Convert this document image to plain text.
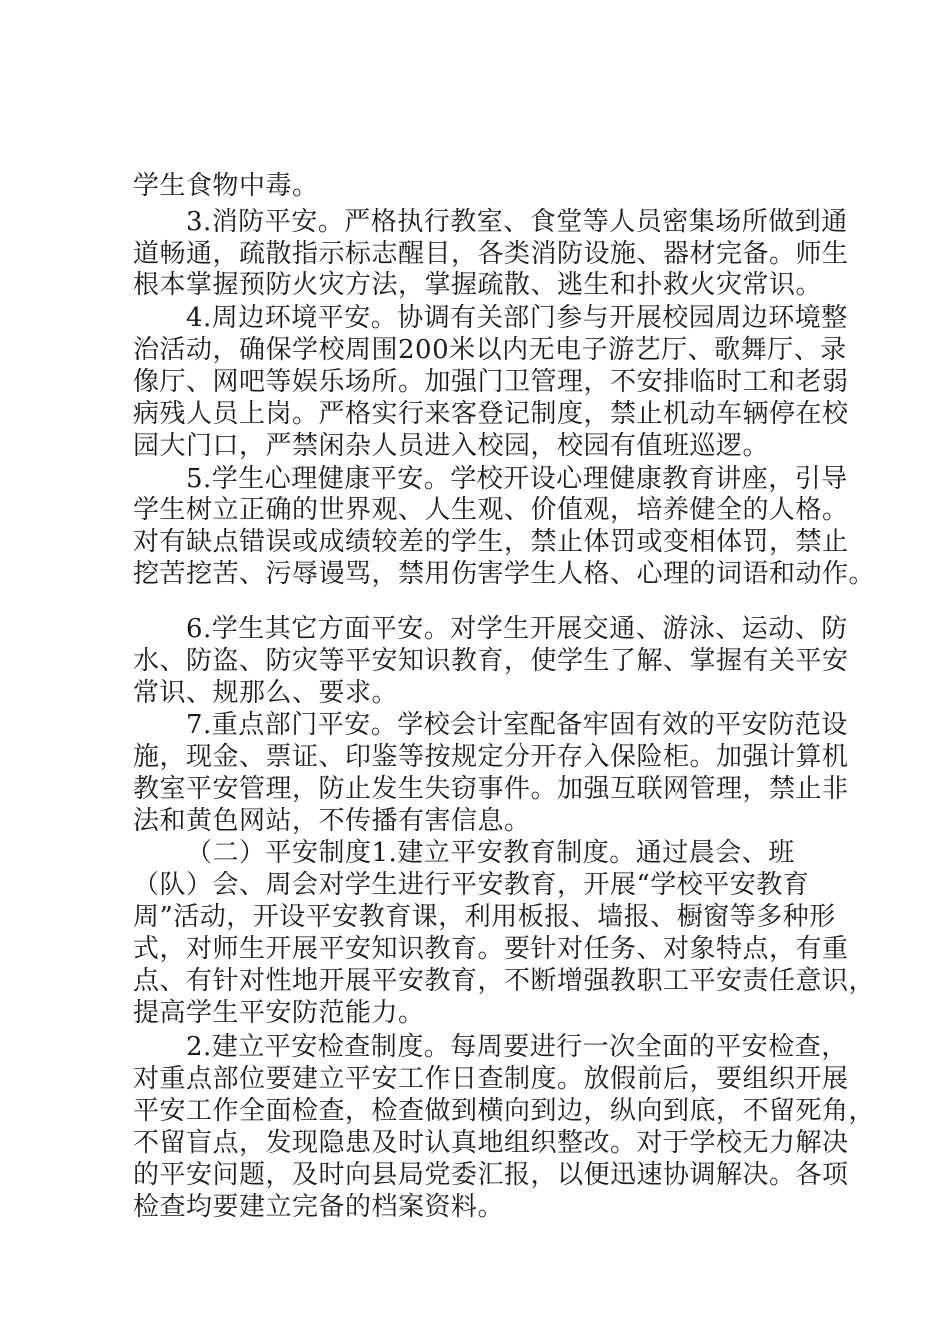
学生食物中毒。
3.消防平安。严格执行教室、食堂等人员密集场所做到通
道畅通，疏散指示标志醒目，各类消防设施、器材完备。师生
根本掌握预防火灾方法，掌握疏散、逃生和扑救火灾常识。
4.周边环境平安。协调有关部门参与开展校园周边环境整
治活动，确保学校周围200米以内无电子游艺厅、歌舞厅、录
像厅、网吧等娱乐场所。加强门卫管理，不安排临时工和老弱
病残人员上岗。严格实行来客登记制度，禁止机动车辆停在校
园大门口，严禁闲杂人员进入校园，校园有值班巡逻。
5.学生心理健康平安。学校开设心理健康教育讲座，引导
学生树立正确的世界观、人生观、价值观，培养健全的人格。
对有缺点错误或成绩较差的学生，禁止体罚或变相体罚，禁止
挖苦挖苦、污辱谩骂，禁用伤害学生人格、心理的词语和动作。
6.学生其它方面平安。对学生开展交通、游泳、运动、防
水、防盗、防灾等平安知识教育，使学生了解、掌握有关平安
常识、规那么、要求。
7.重点部门平安。学校会计室配备牢固有效的平安防范设
施，现金、票证、印鉴等按规定分开存入保险柜。加强计算机
教室平安管理，防止发生失窃事件。加强互联网管理，禁止非
法和黄色网站，不传播有害信息。
（二）平安制度1.建立平安教育制度。通过晨会、班
（队）会、周会对学生进行平安教育，开展“学校平安教育
周”活动，开设平安教育课，利用板报、墙报、橱窗等多种形
式，对师生开展平安知识教育。要针对任务、对象特点，有重
点、有针对性地开展平安教育，不断增强教职工平安责任意识，
提高学生平安防范能力。
2.建立平安检查制度。每周要进行一次全面的平安检查，
对重点部位要建立平安工作日查制度。放假前后，要组织开展
平安工作全面检查，检查做到横向到边，纵向到底，不留死角，
不留盲点，发现隐患及时认真地组织整改。对于学校无力解决
的平安问题，及时向县局党委汇报，以便迅速协调解决。各项
检查均要建立完备的档案资料。
